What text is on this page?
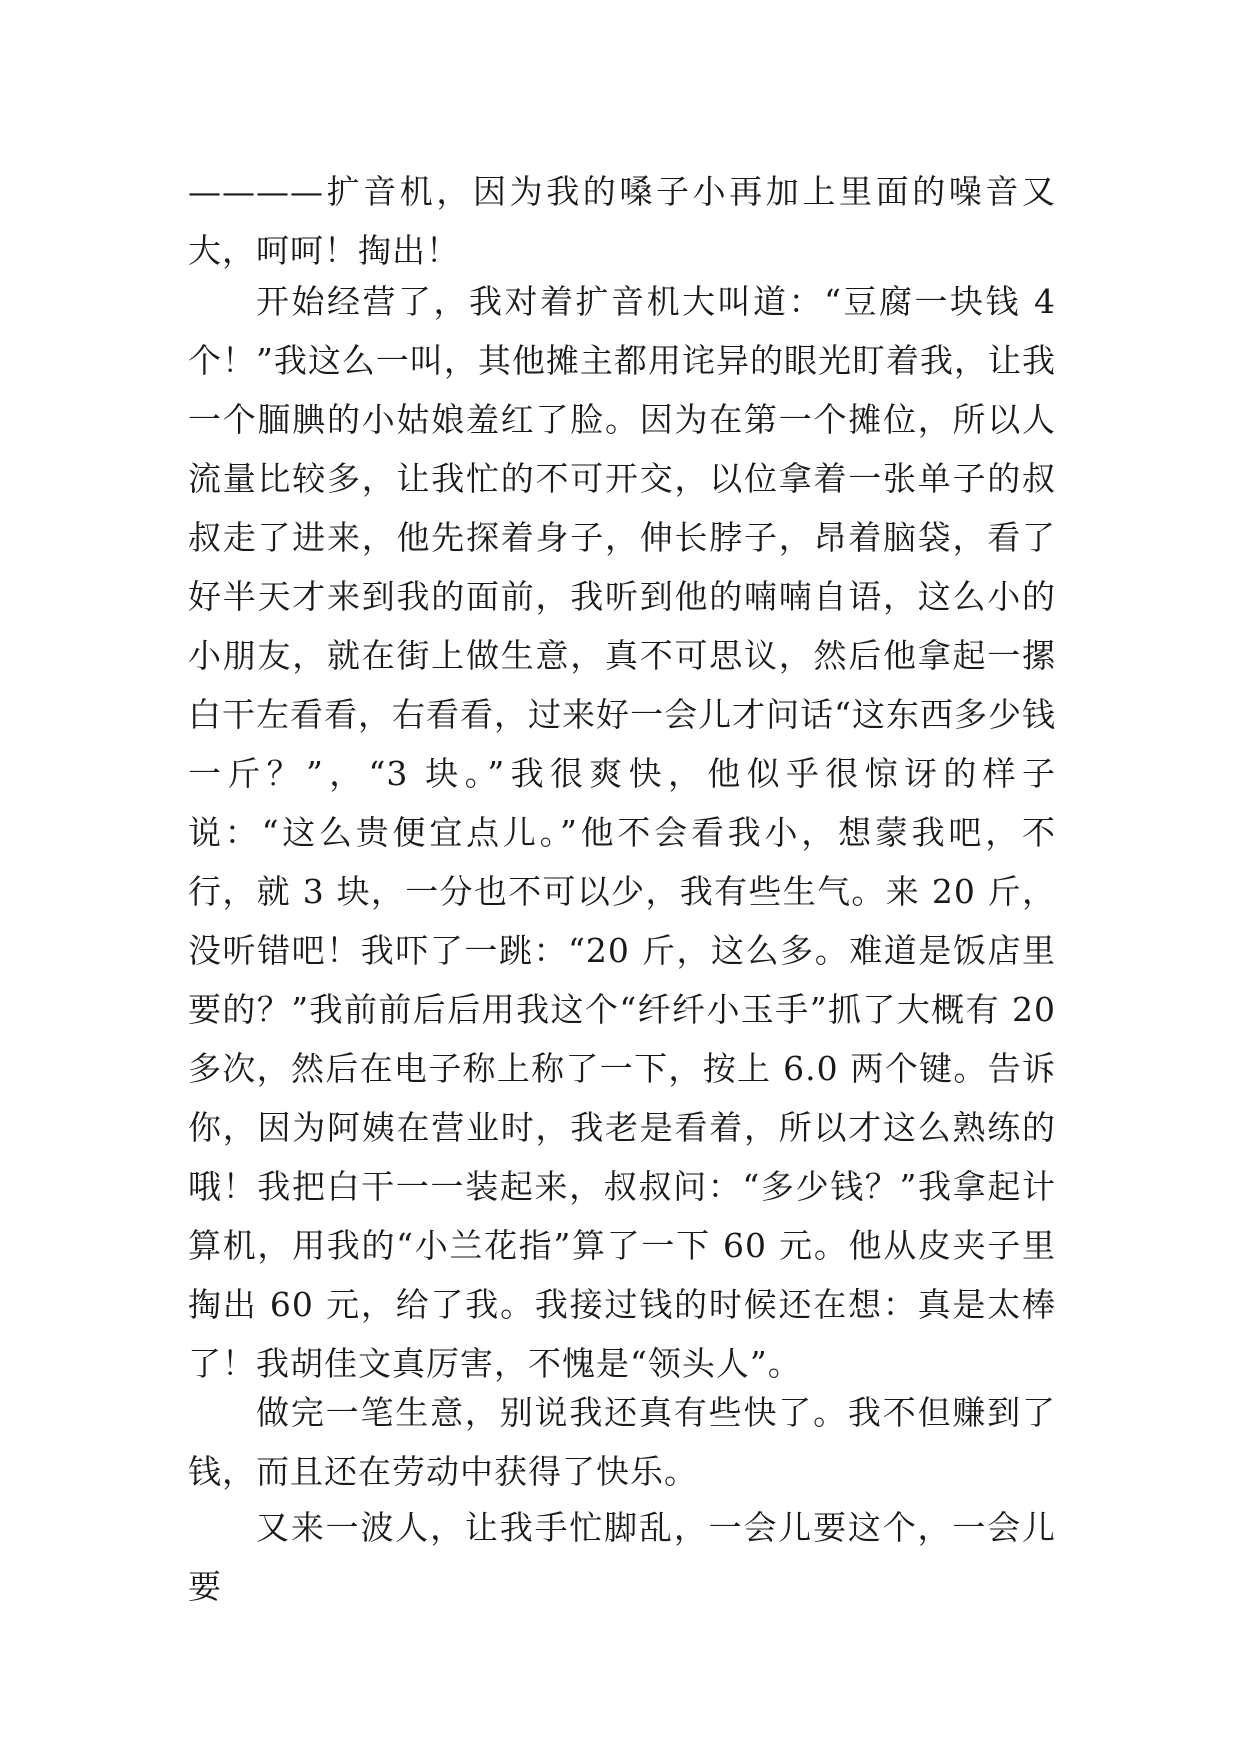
————扩音机，因为我的嗓子小再加上里面的噪音又大，呵呵！掏出！

开始经营了，我对着扩音机大叫道：“豆腐一块钱 4 个！”我这么一叫，其他摊主都用诧异的眼光盯着我，让我一个腼腆的小姑娘羞红了脸。因为在第一个摊位，所以人流量比较多，让我忙的不可开交，以位拿着一张单子的叔叔走了进来，他先探着身子，伸长脖子，昂着脑袋，看了好半天才来到我的面前，我听到他的喃喃自语，这么小的小朋友，就在街上做生意，真不可思议，然后他拿起一摞白干左看看，右看看，过来好一会儿才问话“这东西多少钱一斤？”，“3 块。”我很爽快，他似乎很惊讶的样子说：“这么贵便宜点儿。”他不会看我小，想蒙我吧，不行，就 3 块，一分也不可以少，我有些生气。来 20 斤，没听错吧！我吓了一跳：“20 斤，这么多。难道是饭店里要的？”我前前后后用我这个“纤纤小玉手”抓了大概有 20 多次，然后在电子称上称了一下，按上 6.0 两个键。告诉你，因为阿姨在营业时，我老是看着，所以才这么熟练的哦！我把白干一一装起来，叔叔问：“多少钱？”我拿起计算机，用我的“小兰花指”算了一下 60 元。他从皮夹子里掏出 60 元，给了我。我接过钱的时候还在想：真是太棒了！我胡佳文真厉害，不愧是“领头人”。

做完一笔生意，别说我还真有些快了。我不但赚到了钱，而且还在劳动中获得了快乐。

又来一波人，让我手忙脚乱，一会儿要这个，一会儿要
